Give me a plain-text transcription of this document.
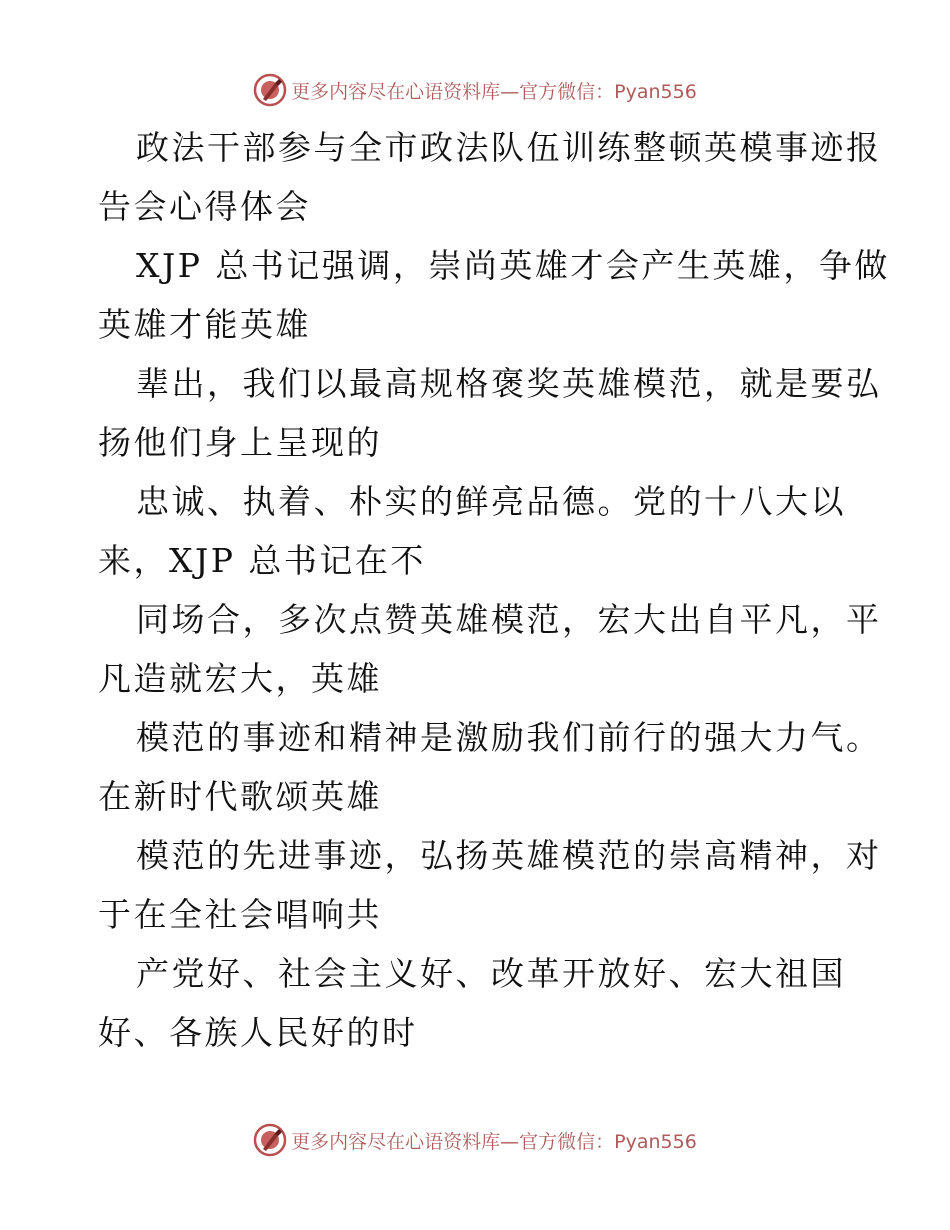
更多内容尽在心语资料库—官方微信：Pyan556
政法干部参与全市政法队伍训练整顿英模事迹报
告会心得体会
XJP 总书记强调，崇尚英雄才会产生英雄，争做
英雄才能英雄
辈出，我们以最高规格褒奖英雄模范，就是要弘
扬他们身上呈现的
忠诚、执着、朴实的鲜亮品德。党的十八大以
来，XJP 总书记在不
同场合，多次点赞英雄模范，宏大出自平凡，平
凡造就宏大，英雄
模范的事迹和精神是激励我们前行的强大力气。
在新时代歌颂英雄
模范的先进事迹，弘扬英雄模范的崇高精神，对
于在全社会唱响共
产党好、社会主义好、改革开放好、宏大祖国
好、各族人民好的时
更多内容尽在心语资料库—官方微信：Pyan556
